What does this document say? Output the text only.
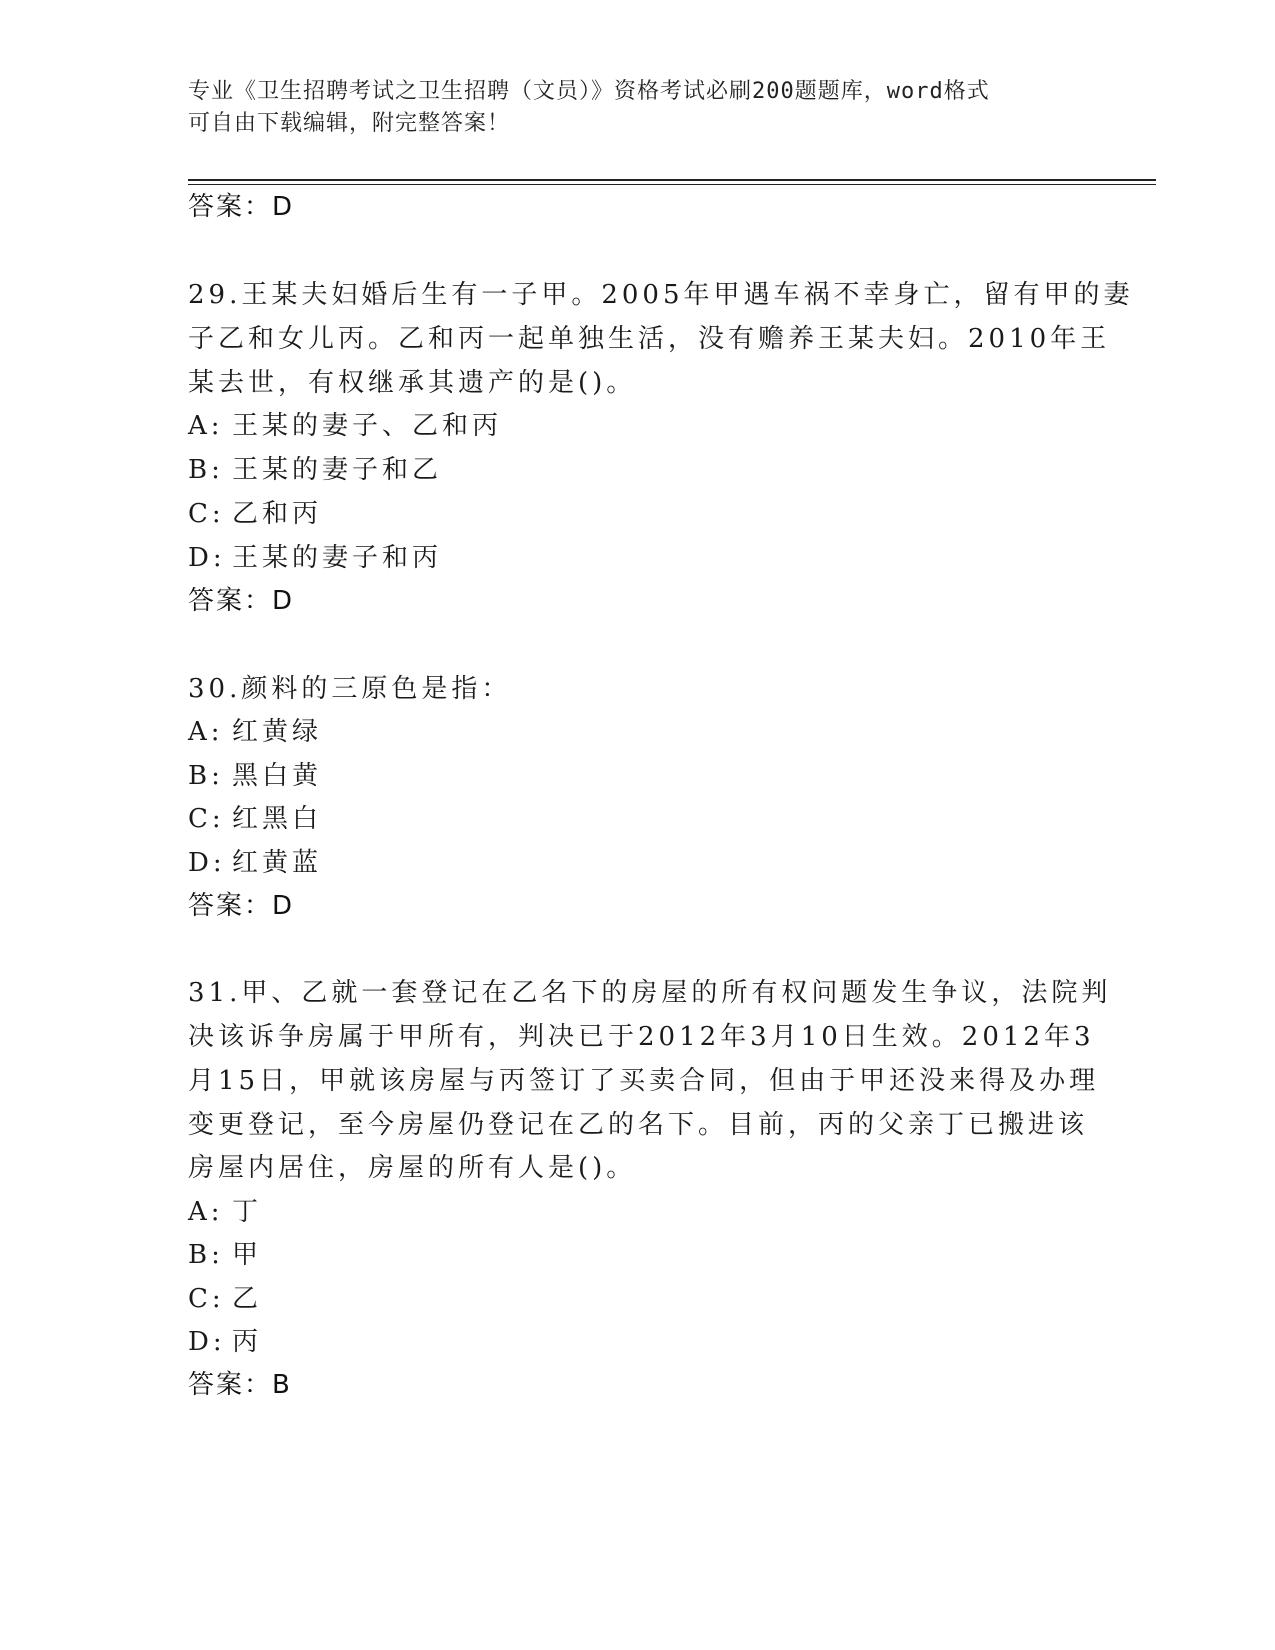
专业《卫生招聘考试之卫生招聘（文员）》资格考试必刷200题题库，word格式
可自由下载编辑，附完整答案！
答案：D
29.王某夫妇婚后生有一子甲。2005年甲遇车祸不幸身亡，留有甲的妻
子乙和女儿丙。乙和丙一起单独生活，没有赡养王某夫妇。2010年王
某去世，有权继承其遗产的是()。
A: 王某的妻子、乙和丙
B: 王某的妻子和乙
C: 乙和丙
D: 王某的妻子和丙
答案：D
30.颜料的三原色是指：
A: 红黄绿
B: 黑白黄
C: 红黑白
D: 红黄蓝
答案：D
31.甲、乙就一套登记在乙名下的房屋的所有权问题发生争议，法院判
决该诉争房属于甲所有，判决已于2012年3月10日生效。2012年3
月15日，甲就该房屋与丙签订了买卖合同，但由于甲还没来得及办理
变更登记，至今房屋仍登记在乙的名下。目前，丙的父亲丁已搬进该
房屋内居住，房屋的所有人是()。
A: 丁
B: 甲
C: 乙
D: 丙
答案：B
